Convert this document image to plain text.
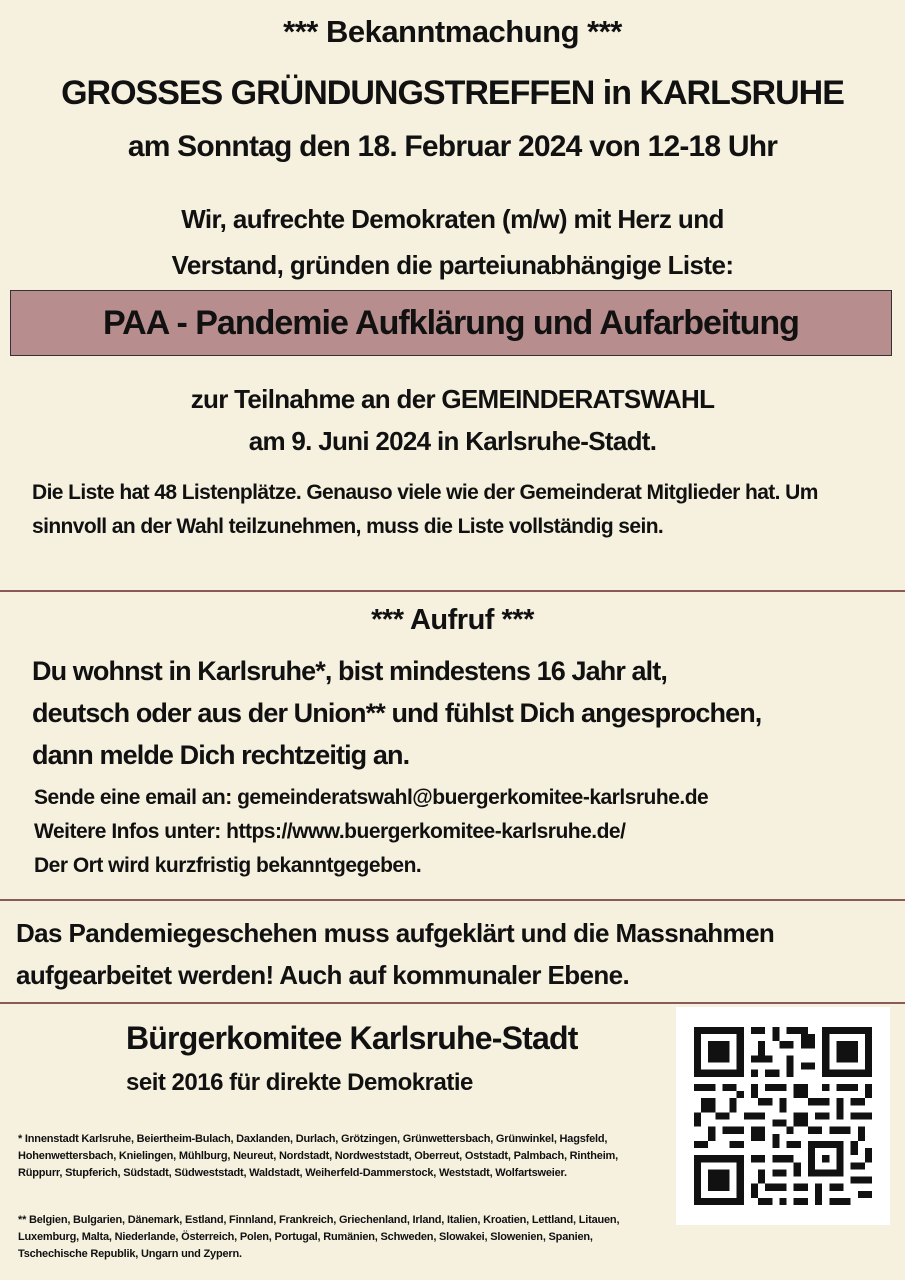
*** Bekanntmachung ***
GROSSES GRÜNDUNGSTREFFEN in KARLSRUHE
am Sonntag den 18. Februar 2024 von 12-18 Uhr
Wir, aufrechte Demokraten (m/w) mit Herz und
Verstand, gründen die parteiunabhängige Liste:
PAA - Pandemie Aufklärung und Aufarbeitung
zur Teilnahme an der GEMEINDERATSWAHL
am 9. Juni 2024 in Karlsruhe-Stadt.
Die Liste hat 48 Listenplätze. Genauso viele wie der Gemeinderat Mitglieder hat. Um sinnvoll an der Wahl teilzunehmen, muss die Liste vollständig sein.
*** Aufruf ***
Du wohnst in Karlsruhe*, bist mindestens 16 Jahr alt,
deutsch oder aus der Union** und fühlst Dich angesprochen,
dann melde Dich rechtzeitig an.
Sende eine email an: gemeinderatswahl@buergerkomitee-karlsruhe.de
Weitere Infos unter: https://www.buergerkomitee-karlsruhe.de/
Der Ort wird kurzfristig bekanntgegeben.
Das Pandemiegeschehen muss aufgeklärt und die Massnahmen
aufgearbeitet werden! Auch auf kommunaler Ebene.
Bürgerkomitee Karlsruhe-Stadt
seit 2016 für direkte Demokratie
* Innenstadt Karlsruhe, Beiertheim-Bulach, Daxlanden, Durlach, Grötzingen, Grünwettersbach, Grünwinkel, Hagsfeld, Hohenwettersbach, Knielingen, Mühlburg, Neureut, Nordstadt, Nordweststadt, Oberreut, Oststadt, Palmbach, Rintheim, Rüppurr, Stupferich, Südstadt, Südweststadt, Waldstadt, Weiherfeld-Dammerstock, Weststadt, Wolfartsweier.
** Belgien, Bulgarien, Dänemark, Estland, Finnland, Frankreich, Griechenland, Irland, Italien, Kroatien, Lettland, Litauen, Luxemburg, Malta, Niederlande, Österreich, Polen, Portugal, Rumänien, Schweden, Slowakei, Slowenien, Spanien, Tschechische Republik, Ungarn und Zypern.
